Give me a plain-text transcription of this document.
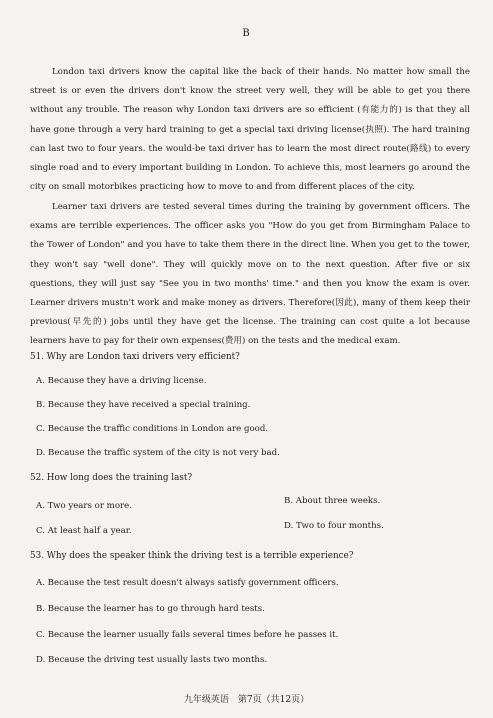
B
London taxi drivers know the capital like the back of their hands. No matter how small the street is or even the drivers don't know the street very well, they will be able to get you there without any trouble. The reason why London taxi drivers are so efficient (有能力的) is that they all have gone through a very hard training to get a special taxi driving license(执照). The hard training can last two to four years. the would-be taxi driver has to learn the most direct route(路线) to every single road and to every important building in London. To achieve this, most learners go around the city on small motorbikes practicing how to move to and from different places of the city.
Learner taxi drivers are tested several times during the training by government officers. The exams are terrible experiences. The officer asks you "How do you get from Birmingham Palace to the Tower of London" and you have to take them there in the direct line. When you get to the tower, they won't say "well done". They will quickly move on to the next question. After five or six questions, they will just say "See you in two months' time." and then you know the exam is over. Learner drivers mustn't work and make money as drivers. Therefore(因此), many of them keep their previous(早先的) jobs until they have get the license. The training can cost quite a lot because learners have to pay for their own expenses(费用) on the tests and the medical exam.
51. Why are London taxi drivers very efficient?
A. Because they have a driving license.
B. Because they have received a special training.
C. Because the traffic conditions in London are good.
D. Because the traffic system of the city is not very bad.
52. How long does the training last?
A. Two years or more.	B. About three weeks.
C. At least half a year.	D. Two to four months.
53. Why does the speaker think the driving test is a terrible experience?
A. Because the test result doesn't always satisfy government officers.
B. Because the learner has to go through hard tests.
C. Because the learner usually fails several times before he passes it.
D. Because the driving test usually lasts two months.
九年级英语　第7页（共12页）
